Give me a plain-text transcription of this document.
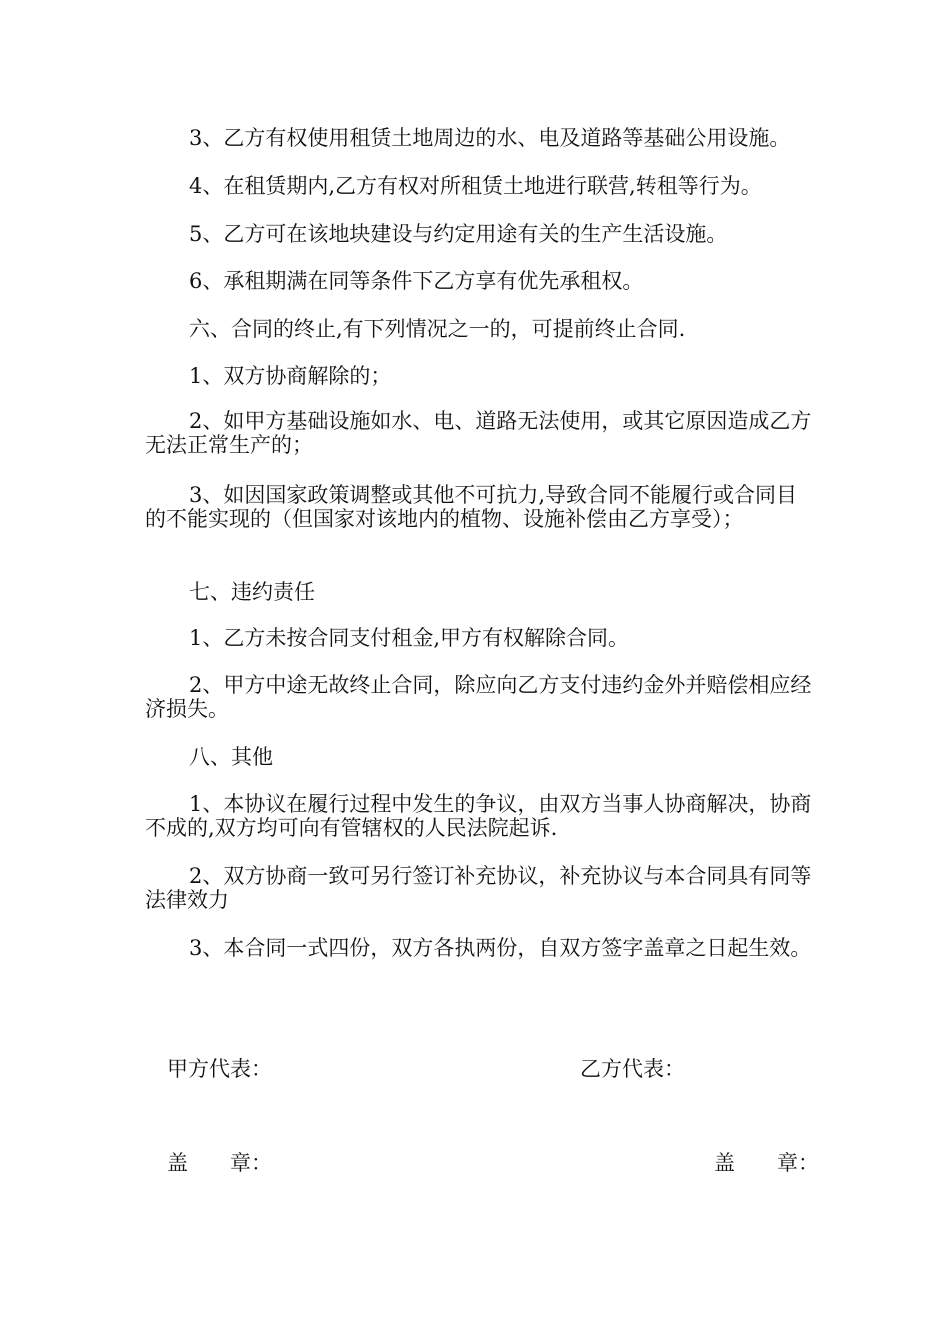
3、乙方有权使用租赁土地周边的水、电及道路等基础公用设施。

4、在租赁期内,乙方有权对所租赁土地进行联营,转租等行为。

5、乙方可在该地块建设与约定用途有关的生产生活设施。

6、承租期满在同等条件下乙方享有优先承租权。

六、合同的终止,有下列情况之一的，可提前终止合同.

1、双方协商解除的；

2、如甲方基础设施如水、电、道路无法使用，或其它原因造成乙方无法正常生产的；

3、如因国家政策调整或其他不可抗力,导致合同不能履行或合同目的不能实现的（但国家对该地内的植物、设施补偿由乙方享受）；

七、违约责任

1、乙方未按合同支付租金,甲方有权解除合同。

2、甲方中途无故终止合同，除应向乙方支付违约金外并赔偿相应经济损失。

八、其他

1、本协议在履行过程中发生的争议，由双方当事人协商解决，协商不成的,双方均可向有管辖权的人民法院起诉.

2、双方协商一致可另行签订补充协议，补充协议与本合同具有同等法律效力

3、本合同一式四份，双方各执两份，自双方签字盖章之日起生效。

甲方代表：	乙方代表：
盖　　章：	盖　　章：
